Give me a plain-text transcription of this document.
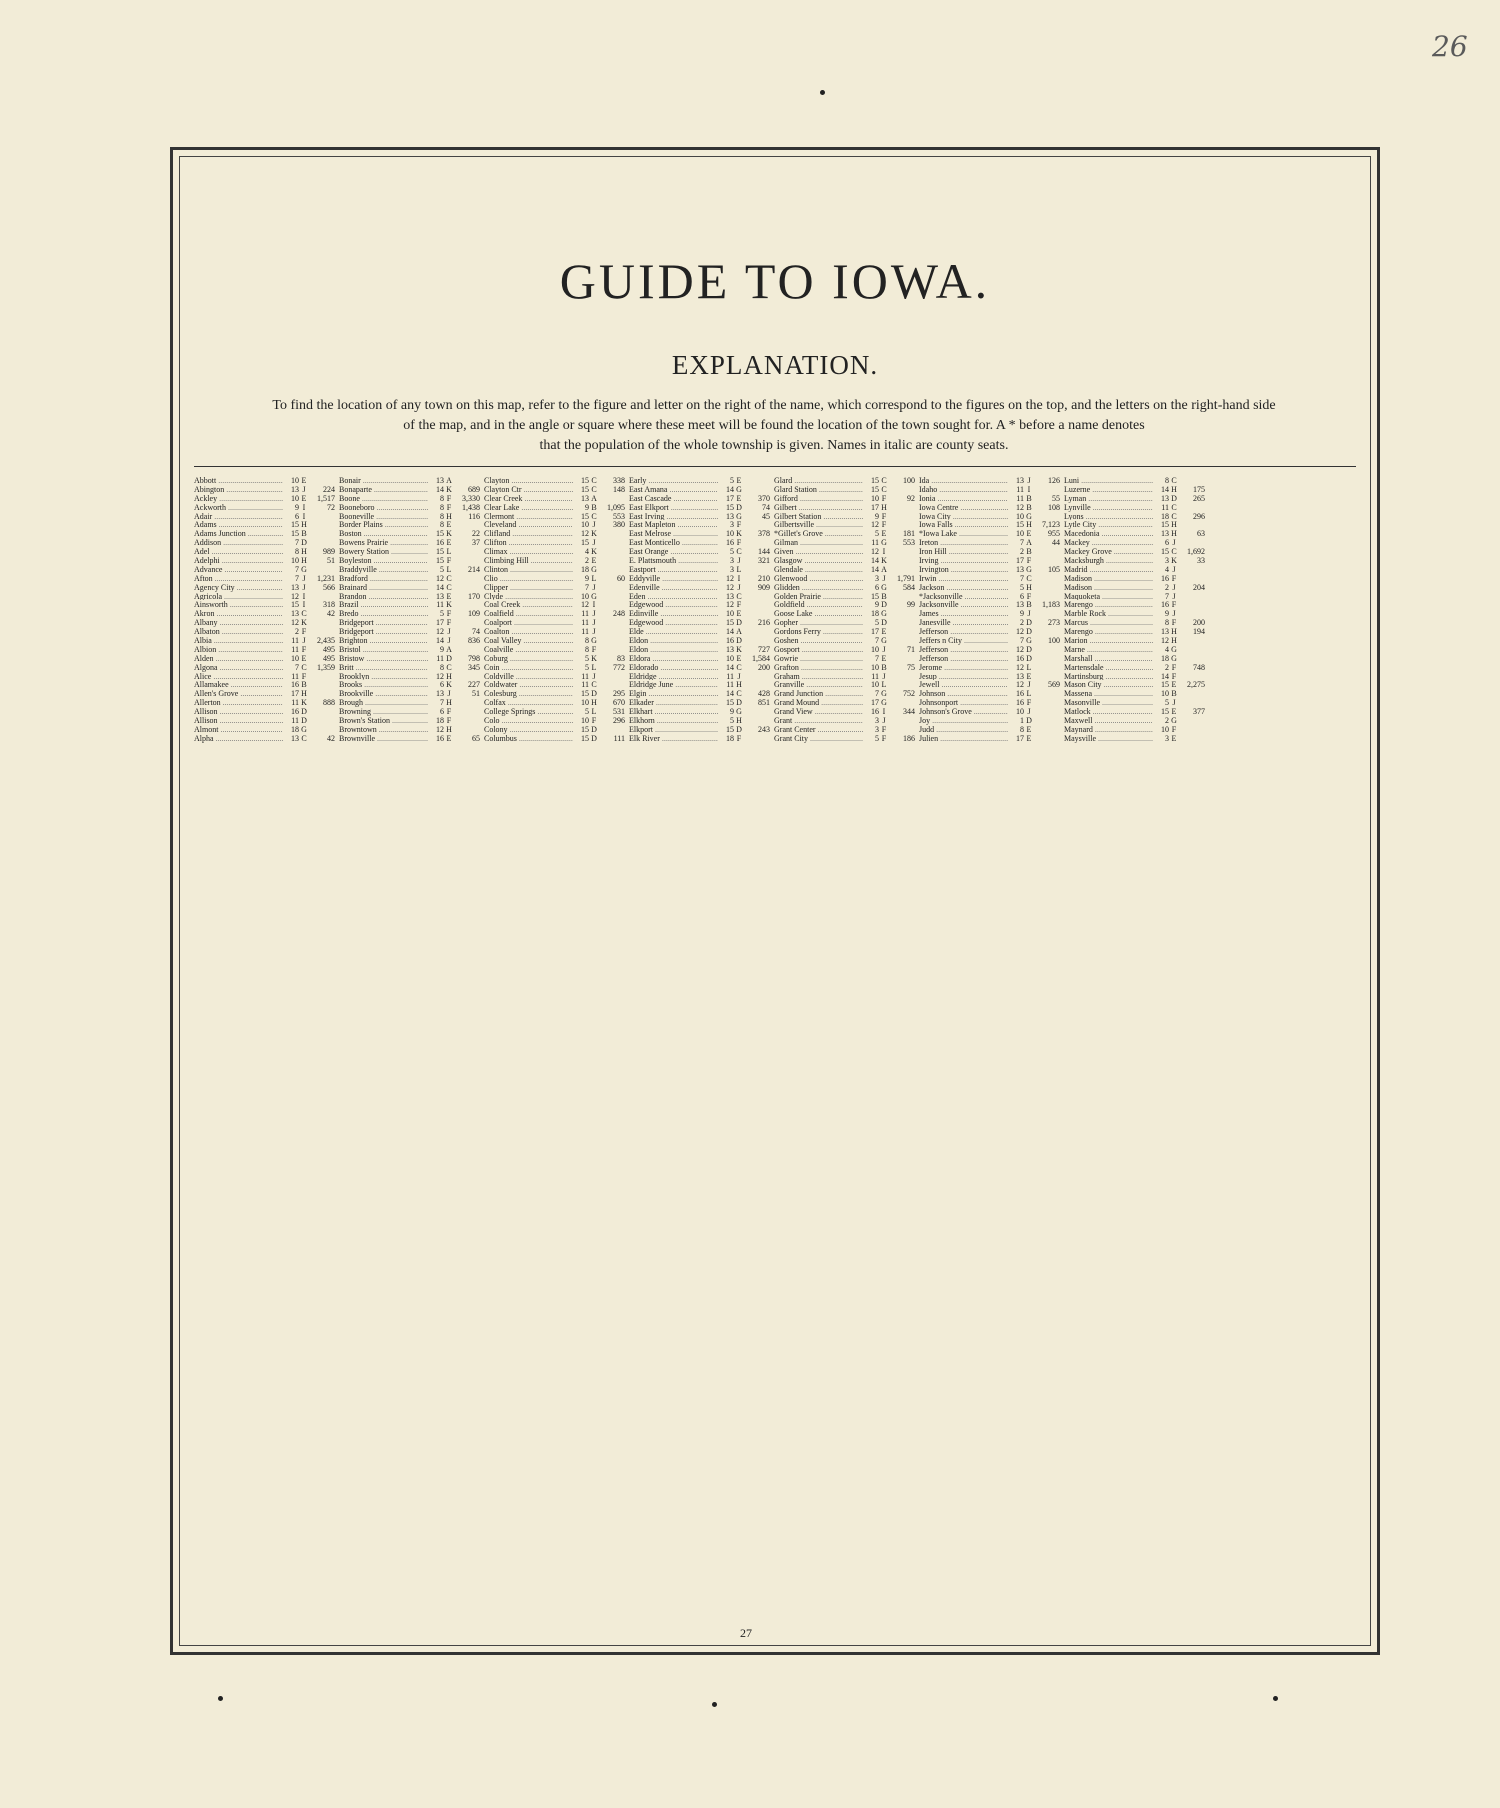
26
GUIDE TO IOWA.
EXPLANATION.
To find the location of any town on this map, refer to the figure and letter on the right of the name, which correspond to the figures on the top, and the letters on the right-hand side
of the map, and in the angle or square where these meet will be found the location of the town sought for. A * before a name denotes
that the population of the whole township is given. Names in italic are county seats.
Abbott .....	10 E
Abington .....	13 J	224
Ackley .....	10 E	1,517
Ackworth .....	9 I	72
Adair .....	6 I
Adams .....	15 H
Adams Junction .....	15 B
Addison .....	7 D
Adel .....	8 H	989
Adelphi .....	10 H	51
Advance .....	7 G
Afton .....	7 J	1,231
Agency City .....	13 J	566
Agricola .....	12 I
Ainsworth .....	15 I	318
Akron .....	13 C	42
Albany .....	12 K
Albaton .....	2 F
Albia .....	11 J	2,435
Albion .....	11 F	495
Alden .....	10 E	495
Algona .....	7 C	1,359
Alice .....	11 F
Allamakee .....	16 B
Allen's Grove .....	17 H
Allerton .....	11 K	888
Allison .....	16 D
Allison .....	11 D
Almont .....	18 G
Alpha .....	13 C	42
Bonair .....	13 A
Bonaparte .....	14 K	689
Boone .....	8 F	3,330
Booneboro .....	8 F	1,438
Booneville .....	8 H	116
Border Plains .....	8 E
Boston .....	15 K	22
Bowens Prairie .....	16 E	37
Bowery Station .....	15 L
Boyleston .....	15 F
Braddyville .....	5 L	214
Bradford .....	12 C
Brainard .....	14 C
Brandon .....	13 E	170
Brazil .....	11 K
Bredo .....	5 F	109
Bridgeport .....	17 F
Bridgeport .....	12 J	74
Brighton .....	14 J	836
Bristol .....	9 A
Bristow .....	11 D	798
Britt .....	8 C	345
Brooklyn .....	12 H
Brooks .....	6 K	227
Brookville .....	13 J	51
Brough .....	7 H
Browning .....	6 F
Brown's Station .....	18 F
Browntown .....	12 H
Brownville .....	16 E	65
Clayton .....	15 C	338
Clayton Ctr .....	15 C	148
Clear Creek .....	13 A
Clear Lake .....	9 B	1,095
Clermont .....	15 C	553
Cleveland .....	10 J	380
Clifland .....	12 K
Clifton .....	15 J
Climax .....	4 K
Climbing Hill .....	2 E
Clinton .....	18 G
Clio .....	9 L	60
Clipper .....	7 J
Clyde .....	10 G
Coal Creek .....	12 I
Coalfield .....	11 J	248
Coalport .....	11 J
Coalton .....	11 J
Coal Valley .....	8 G
Coalville .....	8 F
Coburg .....	5 K	83
Coin .....	5 L	772
Coldville .....	11 J
Coldwater .....	11 C
Colesburg .....	15 D	295
Colfax .....	10 H	670
College Springs .....	5 L	531
Colo .....	10 F	296
Colony .....	15 D
Columbus .....	15 D	111
Early .....	5 E
East Amana .....	14 G
East Cascade .....	17 E	370
East Elkport .....	15 D	74
East Irving .....	13 G	45
East Mapleton .....	3 F
East Melrose .....	10 K	378
East Monticello .....	16 F
East Orange .....	5 C	144
E. Plattsmouth .....	3 J	321
Eastport .....	3 L
Eddyville .....	12 I	210
Edenville .....	12 J	909
Eden .....	13 C
Edgewood .....	12 F
Edinville .....	10 E
Edgewood .....	15 D	216
Elde .....	14 A
Eldon .....	16 D
Eldon .....	13 K	727
Eldora .....	10 E	1,584
Eldorado .....	14 C	200
Eldridge .....	11 J
Eldridge June .....	11 H
Elgin .....	14 C	428
Elkader .....	15 D	851
Elkhart .....	9 G
Elkhorn .....	5 H
Elkport .....	15 D	243
Elk River .....	18 F
Glard .....	15 C	100
Glard Station .....	15 C
Gifford .....	10 F	92
Gilbert .....	17 H
Gilbert Station .....	9 F
Gilbertsville .....	12 F
*Gillet's Grove .....	5 E	181
Gilman .....	11 G	553
Given .....	12 I
Glasgow .....	14 K
Glendale .....	14 A
Glenwood .....	3 J	1,791
Glidden .....	6 G	584
Golden Prairie .....	15 B
Goldfield .....	9 D	99
Goose Lake .....	18 G
Gopher .....	5 D
Gordons Ferry .....	17 E
Goshen .....	7 G
Gosport .....	10 J	71
Gowrie .....	7 E
Grafton .....	10 B	75
Graham .....	11 J
Granville .....	10 L
Grand Junction .....	7 G	752
Grand Mound .....	17 G
Grand View .....	16 I	344
Grant .....	3 J
Grant Center .....	3 F
Grant City .....	5 F	186
Ida .....	13 J	126
Idaho .....	11 I
Ionia .....	11 B	55
Iowa Centre .....	12 B	108
Iowa City .....	10 G
Iowa Falls .....	15 H	7,123
*Iowa Lake .....	10 E	955
Ireton .....	7 A	44
Iron Hill .....	2 B
Irving .....	17 F
Irvington .....	13 G	105
Irwin .....	7 C
Jackson .....	5 H
*Jacksonville .....	6 F
Jacksonville .....	13 B	1,183
James .....	9 J
Janesville .....	2 D	273
Jefferson .....	12 D
Jeffers n City .....	7 G	100
Jefferson .....	12 D
Jefferson .....	16 D
Jerome .....	12 L
Jesup .....	13 E
Jewell .....	12 J	569
Johnson .....	16 L
Johnsonport .....	16 F
Johnson's Grove .....	10 J
Joy .....	1 D
Judd .....	8 E
Julien .....	17 E
Luni .....	8 C
Luzerne .....	14 H	175
Lyman .....	13 D	265
Lynville .....	11 C
Lyons .....	18 C	296
Lytle City .....	15 H
Macedonia .....	13 H	63
Mackey .....	6 J
Mackey Grove .....	15 C	1,692
Macksburgh .....	3 K	33
Madrid .....	4 J
Madison .....	16 F
Madison .....	2 J	204
Maquoketa .....	7 J
Marengo .....	16 F
Marble Rock .....	9 J
Marcus .....	8 F	200
Marengo .....	13 H	194
Marion .....	12 H
Marne .....	4 G
Marshall .....	18 G
Martensdale .....	2 F	748
Martinsburg .....	14 F
Mason City .....	15 E	2,275
Massena .....	10 B
Masonville .....	5 J
Matlock .....	15 E	377
Maxwell .....	2 G
Maynard .....	10 F
Maysville .....	3 E
27
